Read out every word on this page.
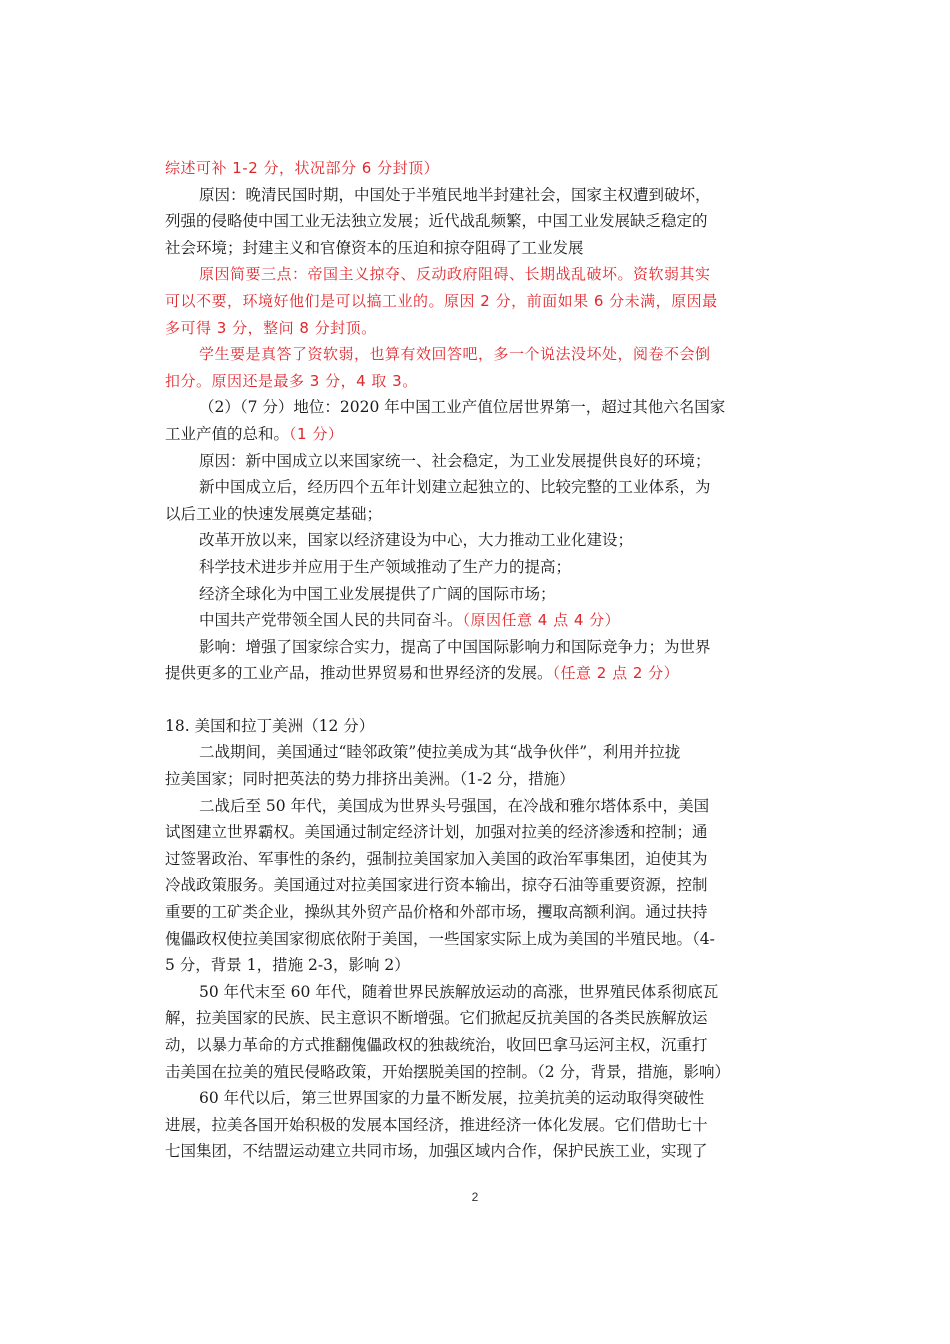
综述可补 1-2 分，状况部分 6 分封顶）
原因：晚清民国时期，中国处于半殖民地半封建社会，国家主权遭到破坏，
列强的侵略使中国工业无法独立发展；近代战乱频繁，中国工业发展缺乏稳定的
社会环境；封建主义和官僚资本的压迫和掠夺阻碍了工业发展
原因简要三点：帝国主义掠夺、反动政府阻碍、长期战乱破坏。资软弱其实
可以不要，环境好他们是可以搞工业的。原因 2 分，前面如果 6 分未满，原因最
多可得 3 分，整问 8 分封顶。
学生要是真答了资软弱，也算有效回答吧，多一个说法没坏处，阅卷不会倒
扣分。原因还是最多 3 分，4 取 3。
（2）（7 分）地位：2020 年中国工业产值位居世界第一，超过其他六名国家
工业产值的总和。（1 分）
原因：新中国成立以来国家统一、社会稳定，为工业发展提供良好的环境；
新中国成立后，经历四个五年计划建立起独立的、比较完整的工业体系，为
以后工业的快速发展奠定基础；
改革开放以来，国家以经济建设为中心，大力推动工业化建设；
科学技术进步并应用于生产领域推动了生产力的提高；
经济全球化为中国工业发展提供了广阔的国际市场；
中国共产党带领全国人民的共同奋斗。（原因任意 4 点 4 分）
影响：增强了国家综合实力，提高了中国国际影响力和国际竞争力；为世界
提供更多的工业产品，推动世界贸易和世界经济的发展。（任意 2 点 2 分）
18. 美国和拉丁美洲（12 分）
二战期间，美国通过“睦邻政策”使拉美成为其“战争伙伴”，利用并拉拢
拉美国家；同时把英法的势力排挤出美洲。（1-2 分，措施）
二战后至 50 年代，美国成为世界头号强国，在冷战和雅尔塔体系中，美国
试图建立世界霸权。美国通过制定经济计划，加强对拉美的经济渗透和控制；通
过签署政治、军事性的条约，强制拉美国家加入美国的政治军事集团，迫使其为
冷战政策服务。美国通过对拉美国家进行资本输出，掠夺石油等重要资源，控制
重要的工矿类企业，操纵其外贸产品价格和外部市场，攫取高额利润。通过扶持
傀儡政权使拉美国家彻底依附于美国，一些国家实际上成为美国的半殖民地。（4-
5 分，背景 1，措施 2-3，影响 2）
50 年代末至 60 年代，随着世界民族解放运动的高涨，世界殖民体系彻底瓦
解，拉美国家的民族、民主意识不断增强。它们掀起反抗美国的各类民族解放运
动，以暴力革命的方式推翻傀儡政权的独裁统治，收回巴拿马运河主权，沉重打
击美国在拉美的殖民侵略政策，开始摆脱美国的控制。（2 分，背景，措施，影响）
60 年代以后，第三世界国家的力量不断发展，拉美抗美的运动取得突破性
进展，拉美各国开始积极的发展本国经济，推进经济一体化发展。它们借助七十
七国集团，不结盟运动建立共同市场，加强区域内合作，保护民族工业，实现了
2
